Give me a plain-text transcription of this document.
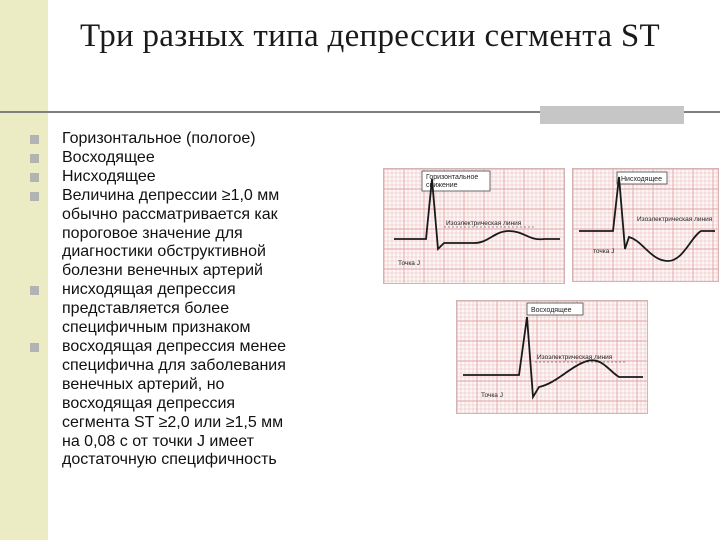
Три разных типа депрессии сегмента ST
Горизонтальное (пологое)
Восходящее
Нисходящее
Величина депрессии ≥1,0 мм
обычно рассматривается как
пороговое значение для
диагностики обструктивной
болезни венечных артерий
нисходящая депрессия
представляется более
специфичным признаком
восходящая депрессия менее
специфична для заболевания
венечных артерий, но
восходящая депрессия
сегмента ST ≥2,0 или ≥1,5 мм
на 0,08 с от точки J имеет
достаточную специфичность
Горизонтальное снижение
Изоэлектрическая линия
Точка J
Нисходящее
Изоэлектрическая линия
точка J
Восходящее
Изоэлектрическая линия
Точка J
